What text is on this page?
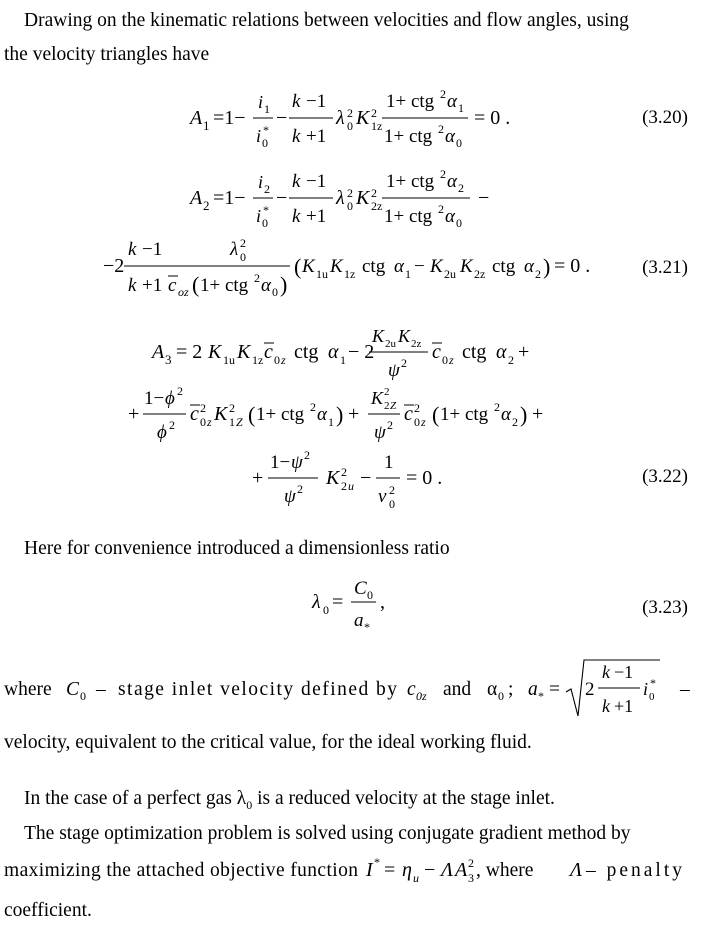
Drawing on the kinematic relations between velocities and flow angles, using
the velocity triangles have
A 1 =1−
i 1
i 0
*
−
k −1
k +1
λ 0
2 K 1z
2
1+ ctg 2 α 1
1+ ctg 2 α 0
= 0 .	(3.20)
A 2 =1−
i 2
i 0
*
−
k −1
k +1
λ 0
2 K 2z
2
1+ ctg 2 α 2
1+ ctg 2 α 0
−
−2
k −1
k +1
λ 0
2
c oz ( 1+ ctg 2 α 0 )
( K 1u K 1z ctg α 1 − K 2u K 2z ctg α 2 ) = 0 .	(3.21)
A 3 = 2 K 1u K 1z c 0 z ctg α 1 − 2
K 2u K 2z
ψ 2 c 0 z ctg α 2 +
+
1− ϕ 2
ϕ 2 c 0 z
2 K 1 Z
2 ( 1+ ctg 2 α 1 ) +
K 2 Z
2
ψ 2 c 0 z
2 ( 1+ ctg 2 α 2 ) +
+
1− ψ 2
ψ 2 K 2 u
2 −
1
ν 0
2
= 0 .	(3.22)
Here for convenience introduced a dimensionless ratio
λ 0 =
C 0
a *
,	(3.23)
where C 0 – stage inlet velocity defined by c 0z and α 0 ; a * = 2
k −1
k +1
i 0
* –
velocity, equivalent to the critical value, for the ideal working fluid.
In the case of a perfect gas $\lambda_0$ is a reduced velocity at the stage inlet.
The stage optimization problem is solved using conjugate gradient method by
maximizing the attached objective function I * = η u − Λ A 3
2 , where Λ – penalty
coefficient.
